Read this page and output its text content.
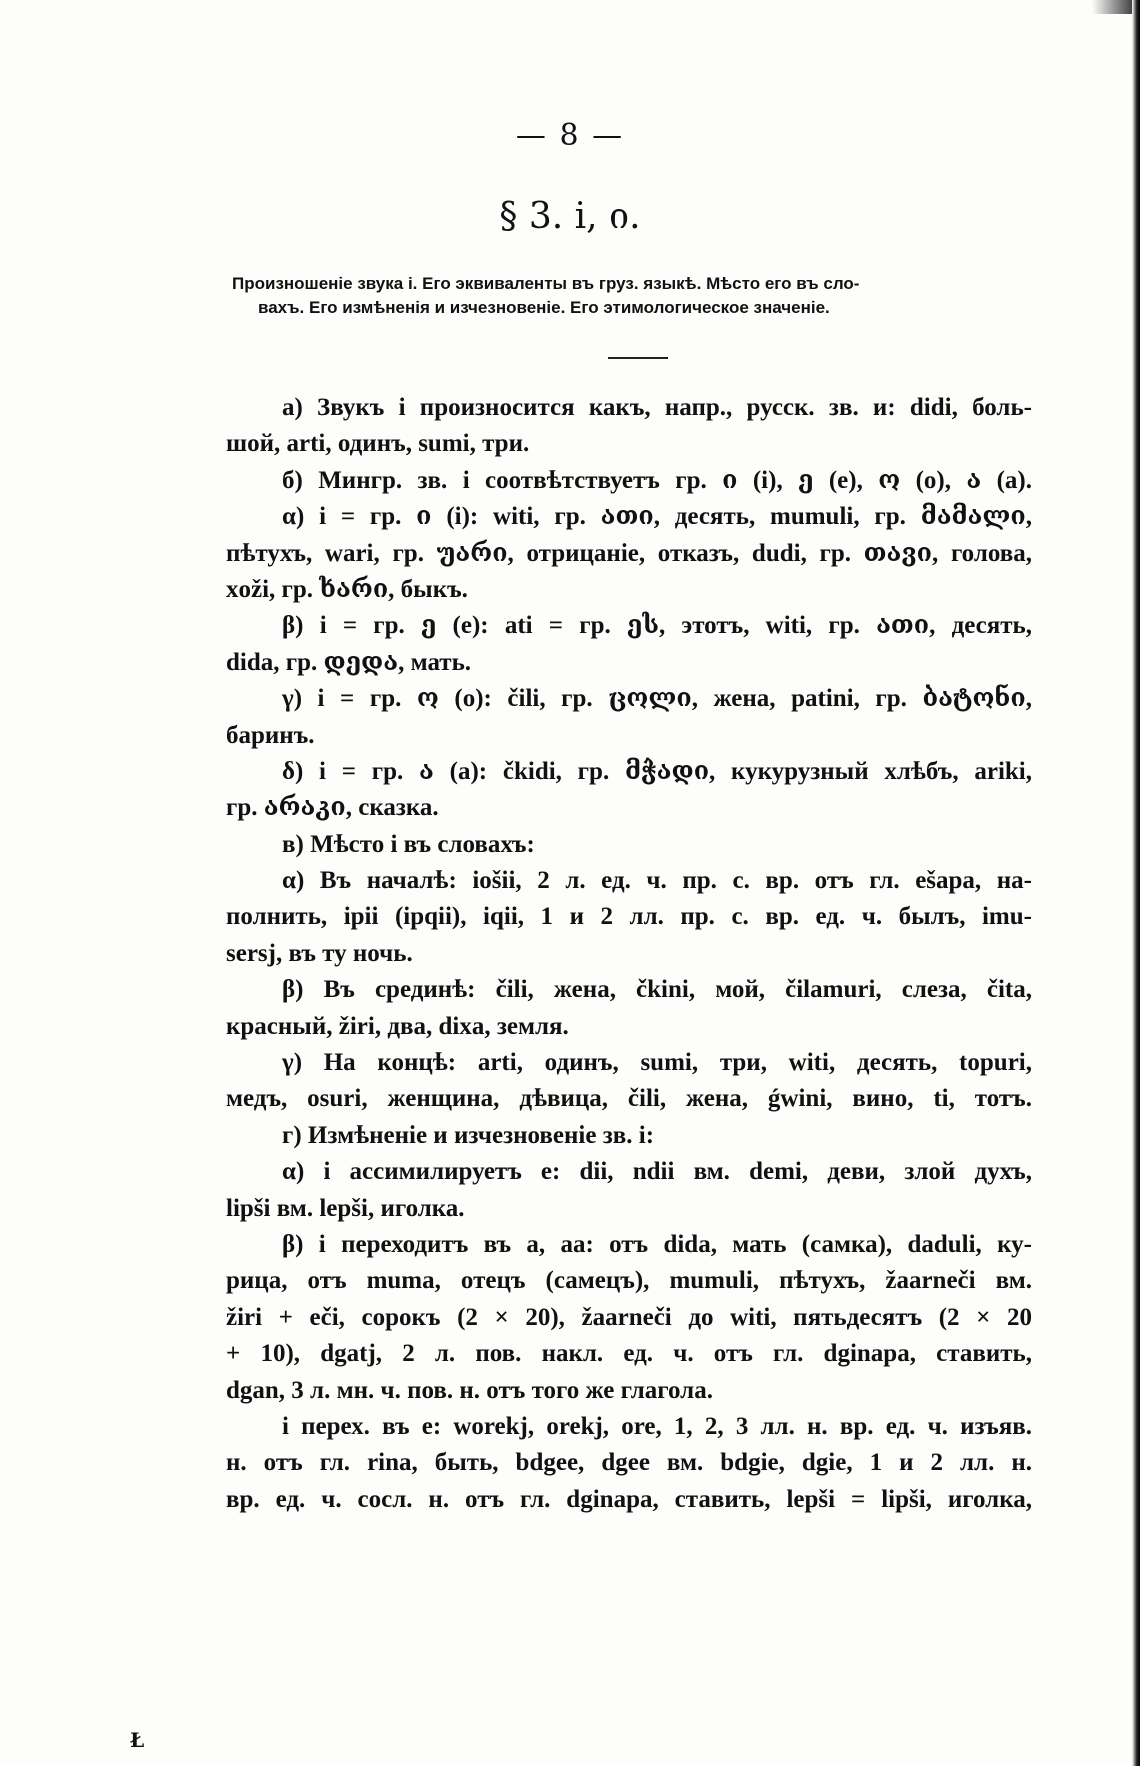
— 8 —
§ 3. i, ი.

Произношеніе звука i. Его эквиваленты въ груз. языкѣ. Мѣсто его въ сло-

вахъ. Его измѣненія и изчезновеніе. Его этимологическое значеніе.

а) Звукъ i произносится какъ, напр., русск. зв. и: didi, боль-
шой, arti, одинъ, sumi, три.
б) Мингр. зв. i соотвѣтствуетъ гр. ი (i), ე (e), ო (o), ა (a).
α) i = гр. ი (i): witi, гр. ათი, десять, mumuli, гр. მამალი,
пѣтухъ, wari, гр. უარი, отрицаніе, отказъ, dudi, гр. თავი, голова,
xoži, гр. ხარი, быкъ.
β) i = гр. ე (e): ati = гр. ეს, этотъ, witi, гр. ათი, десять,
dida, гр. დედა, мать.
γ) i = гр. ო (o): čili, гр. ცოლი, жена, patini, гр. ბატონი,
баринъ.
δ) i = гр. ა (a): čkidi, гр. მჭადი, кукурузный хлѣбъ, ariki,
гр. არაკი, сказка.
в) Мѣсто i въ словахъ:
α) Въ началѣ: iošii, 2 л. ед. ч. пр. с. вр. отъ гл. ešapa, на-
полнить, ipii (ipqii), iqii, 1 и 2 лл. пр. с. вр. ед. ч. былъ, imu-
sersj, въ ту ночь.
β) Въ срединѣ: čili, жена, čkini, мой, čilamuri, слеза, čita,
красный, žiri, два, dixa, земля.
γ) На концѣ: arti, одинъ, sumi, три, witi, десять, topuri,
медъ, osuri, женщина, дѣвица, čili, жена, ǵwini, вино, ti, тотъ.
г) Измѣненіе и изчезновеніе зв. i:
α) i ассимилируетъ e: dii, ndii вм. demi, деви, злой духъ,
lipši вм. lepši, иголка.
β) i переходитъ въ a, aa: отъ dida, мать (самка), daduli, ку-
рица, отъ muma, отецъ (самецъ), mumuli, пѣтухъ, žaarneči вм.
žiri + eči, сорокъ (2 × 20), žaarneči до witi, пятьдесятъ (2 × 20
+ 10), dgatj, 2 л. пов. накл. ед. ч. отъ гл. dginapa, ставить,
dgan, 3 л. мн. ч. пов. н. отъ того же глагола.
i перех. въ e: worekj, orekj, ore, 1, 2, 3 лл. н. вр. ед. ч. изъяв.
н. отъ гл. rina, быть, bdgee, dgee вм. bdgie, dgie, 1 и 2 лл. н.
вр. ед. ч. сосл. н. отъ гл. dginapa, ставить, lepši = lipši, иголка,
Ł
